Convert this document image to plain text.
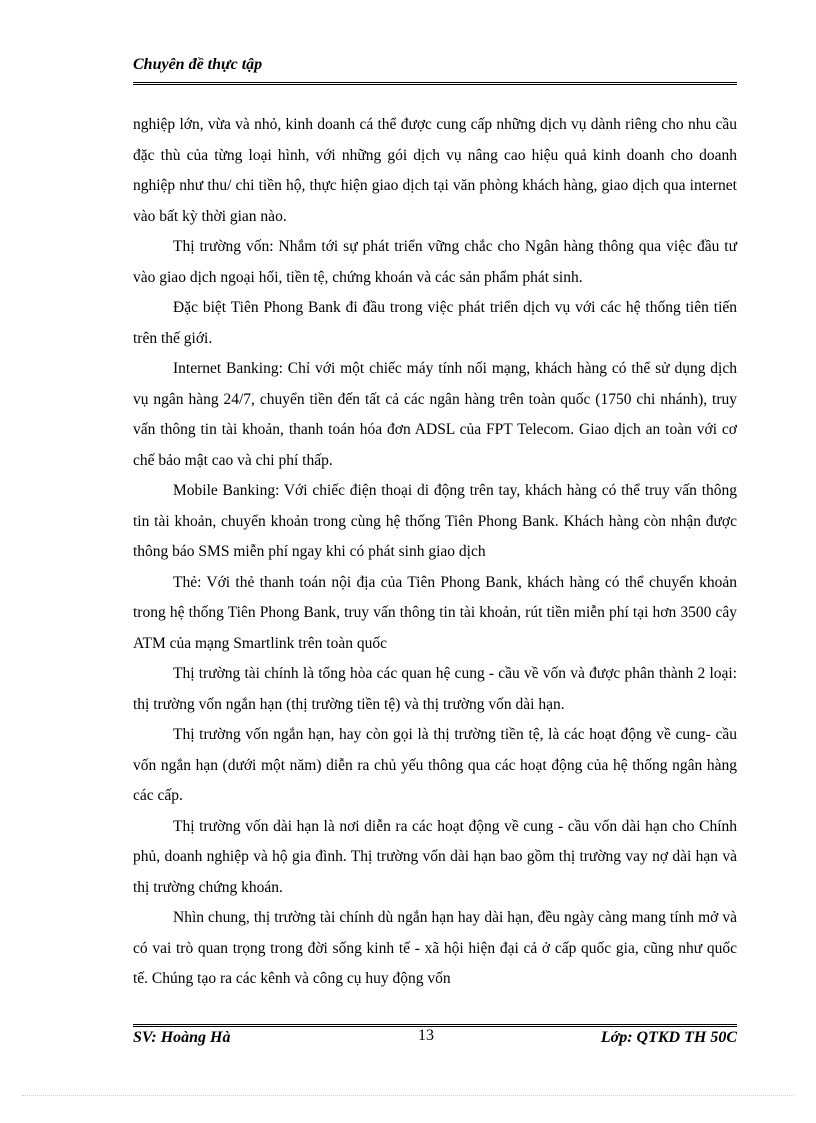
Chuyên đề thực tập

nghiệp lớn, vừa và nhỏ, kinh doanh cá thể được cung cấp những dịch vụ dành riêng cho nhu cầu đặc thù của từng loại hình, với những gói dịch vụ nâng cao hiệu quả kinh doanh cho doanh nghiệp như thu/ chi tiền hộ, thực hiện giao dịch tại văn phòng khách hàng, giao dịch qua internet vào bất kỳ thời gian nào.

Thị trường vốn: Nhắm tới sự phát triển vững chắc cho Ngân hàng thông qua việc đầu tư vào giao dịch ngoại hối, tiền tệ, chứng khoán và các sản phẩm phát sinh.

Đặc biệt Tiên Phong Bank đi đầu trong việc phát triển dịch vụ với các hệ thống tiên tiến trên thế giới.

Internet Banking: Chỉ với một chiếc máy tính nối mạng, khách hàng có thể sử dụng dịch vụ ngân hàng 24/7, chuyển tiền đến tất cả các ngân hàng trên toàn quốc (1750 chi nhánh), truy vấn thông tin tài khoản, thanh toán hóa đơn ADSL của FPT Telecom. Giao dịch an toàn với cơ chế bảo mật cao và chi phí thấp.

Mobile Banking: Với chiếc điện thoại di động trên tay, khách hàng có thể truy vấn thông tin tài khoản, chuyển khoản trong cùng hệ thống Tiên Phong Bank. Khách hàng còn nhận được thông báo SMS miễn phí ngay khi có phát sinh giao dịch

Thẻ: Với thẻ thanh toán nội địa của Tiên Phong Bank, khách hàng có thể chuyển khoản trong hệ thống Tiên Phong Bank, truy vấn thông tin tài khoản, rút tiền miễn phí tại hơn 3500 cây ATM của mạng Smartlink trên toàn quốc

Thị trường tài chính là tổng hòa các quan hệ cung - cầu về vốn và được phân thành 2 loại: thị trường vốn ngắn hạn (thị trường tiền tệ) và thị trường vốn dài hạn.

Thị trường vốn ngắn hạn, hay còn gọi là thị trường tiền tệ, là các hoạt động về cung- cầu vốn ngắn hạn (dưới một năm) diễn ra chủ yếu thông qua các hoạt động của hệ thống ngân hàng các cấp.

Thị trường vốn dài hạn là nơi diễn ra các hoạt động về cung - cầu vốn dài hạn cho Chính phủ, doanh nghiệp và hộ gia đình. Thị trường vốn dài hạn bao gồm thị trường vay nợ dài hạn và thị trường chứng khoán.

Nhìn chung, thị trường tài chính dù ngắn hạn hay dài hạn, đều ngày càng mang tính mở và có vai trò quan trọng trong đời sống kinh tế - xã hội hiện đại cả ở cấp quốc gia, cũng như quốc tế. Chúng tạo ra các kênh và công cụ huy động vốn

SV: Hoàng Hà	13	Lớp: QTKD TH 50C
